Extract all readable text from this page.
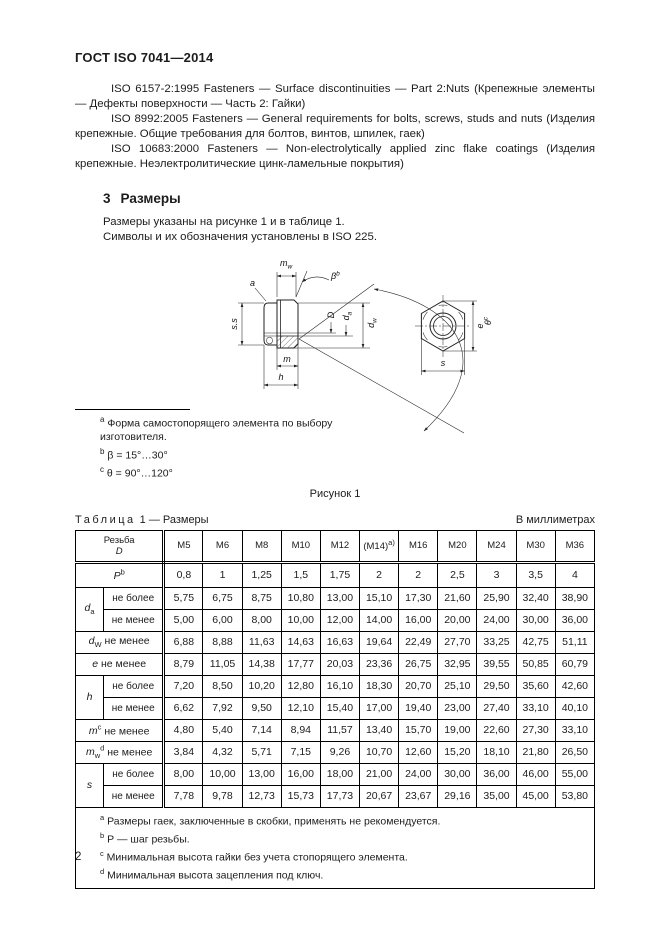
ГОСТ ISO 7041—2014

ISO 6157-2:1995 Fasteners — Surface discontinuities — Part 2:Nuts (Крепежные элементы — Дефекты поверхности — Часть 2: Гайки)

ISO 8992:2005 Fasteners — General requirements for bolts, screws, studs and nuts (Изделия крепежные. Общие требования для болтов, винтов, шпилек, гаек)

ISO 10683:2000 Fasteners — Non-electrolytically applied zinc flake coatings (Изделия крепежные. Неэлектролитические цинк-ламельные покрытия)

3 Размеры

Размеры указаны на рисунке 1 и в таблице 1.

Символы и их обозначения установлены в ISO 225.

a
$m_w$
$\beta^b$
s.s
D $d_a$
$d_w$	$\theta^c$
m
h
e
s
$^a$ Форма самостопорящего элемента по выбору изготовителя.
$^b$ β = 15°…30°
$^c$ θ = 90°…120°
Рисунок 1
Таблица 1 — Размеры	В миллиметрах
Резьба
D		M5	M6	M8	M10	M12	$(M14)^{а)}$	M16	M20	M24	M30	M36
$P^b$		0,8	1	1,25	1,5	1,75	2	2	2,5	3	3,5	4
$d_a$	не более	5,75	6,75	8,75	10,80	13,00	15,10	17,30	21,60	25,90	32,40	38,90
	не менее	5,00	6,00	8,00	10,00	12,00	14,00	16,00	20,00	24,00	30,00	36,00
$d_W$ не менее		6,88	8,88	11,63	14,63	16,63	19,64	22,49	27,70	33,25	42,75	51,11
e не менее		8,79	11,05	14,38	17,77	20,03	23,36	26,75	32,95	39,55	50,85	60,79
h	не более	7,20	8,50	10,20	12,80	16,10	18,30	20,70	25,10	29,50	35,60	42,60
	не менее	6,62	7,92	9,50	12,10	15,40	17,00	19,40	23,00	27,40	33,10	40,10
$m^c$ не менее		4,80	5,40	7,14	8,94	11,57	13,40	15,70	19,00	22,60	27,30	33,10
$m_w^d$ не менее		3,84	4,32	5,71	7,15	9,26	10,70	12,60	15,20	18,10	21,80	26,50
s	не более	8,00	10,00	13,00	16,00	18,00	21,00	24,00	30,00	36,00	46,00	55,00
	не менее	7,78	9,78	12,73	15,73	17,73	20,67	23,67	29,16	35,00	45,00	53,80

$^а$ Размеры гаек, заключенные в скобки, применять не рекомендуется.
$^b$ Р — шаг резьбы.
$^c$ Минимальная высота гайки без учета стопорящего элемента.
$^d$ Минимальная высота зацепления под ключ.												
2
